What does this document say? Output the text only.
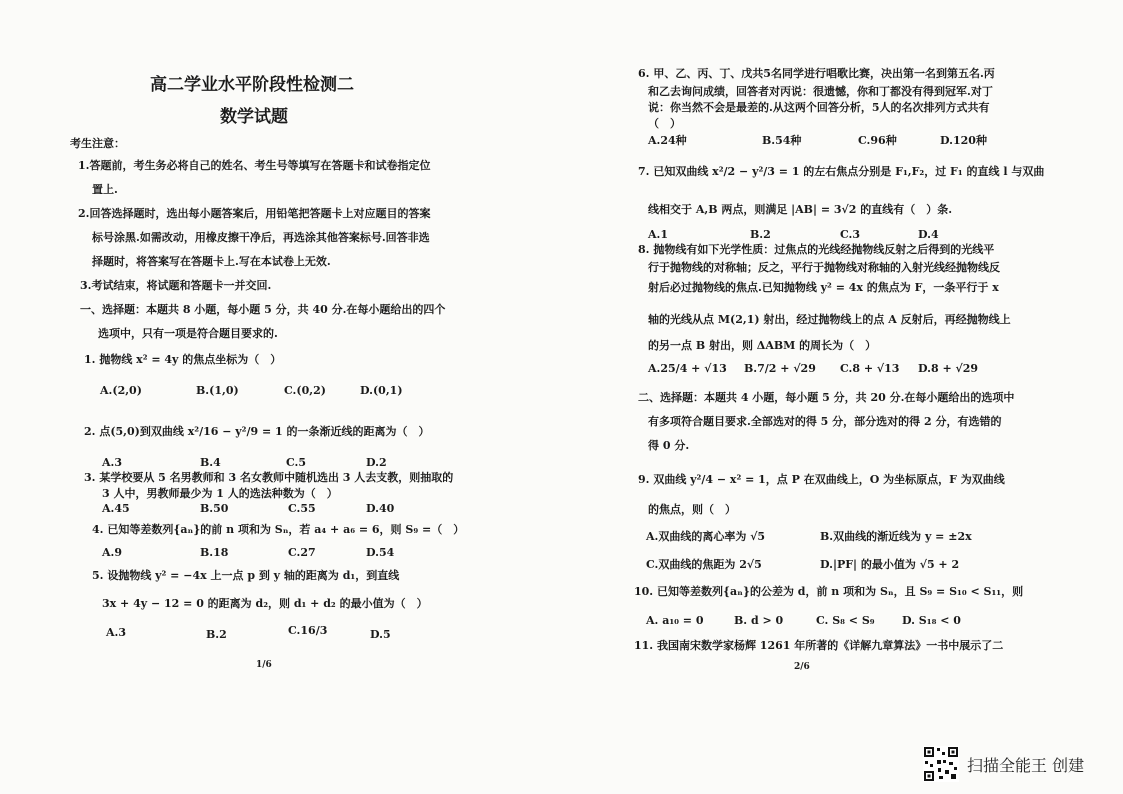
高二学业水平阶段性检测二
数学试题
考生注意：
1.答题前，考生务必将自己的姓名、考生号等填写在答题卡和试卷指定位
置上.
2.回答选择题时，选出每小题答案后，用铅笔把答题卡上对应题目的答案
标号涂黑.如需改动，用橡皮擦干净后，再选涂其他答案标号.回答非选
择题时，将答案写在答题卡上.写在本试卷上无效.
3.考试结束，将试题和答题卡一并交回.
一、选择题：本题共 8 小题，每小题 5 分，共 40 分.在每小题给出的四个
选项中，只有一项是符合题目要求的.
1. 抛物线 x² = 4y 的焦点坐标为（　）
A.(2,0)	B.(1,0)	C.(0,2)	D.(0,1)
2. 点(5,0)到双曲线 x²/16 − y²/9 = 1 的一条渐近线的距离为（　）
A.3	B.4	C.5	D.2
3. 某学校要从 5 名男教师和 3 名女教师中随机选出 3 人去支教，则抽取的
3 人中，男教师最少为 1 人的选法种数为（　）
A.45	B.50	C.55	D.40
4. 已知等差数列{aₙ}的前 n 项和为 Sₙ，若 a₄ + a₆ = 6，则 S₉ =（　）
A.9	B.18	C.27	D.54
5. 设抛物线 y² = −4x 上一点 p 到 y 轴的距离为 d₁，到直线
3x + 4y − 12 = 0 的距离为 d₂，则 d₁ + d₂ 的最小值为（　）
A.3	B.2	C.16/3	D.5
1/6
6. 甲、乙、丙、丁、戊共5名同学进行唱歌比赛，决出第一名到第五名.丙
和乙去询问成绩，回答者对丙说：很遗憾，你和丁都没有得到冠军.对丁
说：你当然不会是最差的.从这两个回答分析，5人的名次排列方式共有
（　）
A.24种	B.54种	C.96种	D.120种
7. 已知双曲线 x²/2 − y²/3 = 1 的左右焦点分别是 F₁,F₂，过 F₁ 的直线 l 与双曲
线相交于 A,B 两点，则满足 |AB| = 3√2 的直线有（　）条.
A.1	B.2	C.3	D.4
8. 抛物线有如下光学性质：过焦点的光线经抛物线反射之后得到的光线平
行于抛物线的对称轴；反之，平行于抛物线对称轴的入射光线经抛物线反
射后必过抛物线的焦点.已知抛物线 y² = 4x 的焦点为 F，一条平行于 x
轴的光线从点 M(2,1) 射出，经过抛物线上的点 A 反射后，再经抛物线上
的另一点 B 射出，则 ΔABM 的周长为（　）
A.25/4 + √13 B.7/2 + √29 C.8 + √13 D.8 + √29
二、选择题：本题共 4 小题，每小题 5 分，共 20 分.在每小题给出的选项中
有多项符合题目要求.全部选对的得 5 分，部分选对的得 2 分，有选错的
得 0 分.
9. 双曲线 y²/4 − x² = 1，点 P 在双曲线上，O 为坐标原点，F 为双曲线
的焦点，则（　）
A.双曲线的离心率为 √5	B.双曲线的渐近线为 y = ±2x
C.双曲线的焦距为 2√5	D.|PF| 的最小值为 √5 + 2
10. 已知等差数列{aₙ}的公差为 d，前 n 项和为 Sₙ，且 S₉ = S₁₀ < S₁₁，则
A. a₁₀ = 0	B. d > 0	C. S₈ < S₉ D. S₁₈ < 0
11. 我国南宋数学家杨辉 1261 年所著的《详解九章算法》一书中展示了二
2/6
扫描全能王 创建
